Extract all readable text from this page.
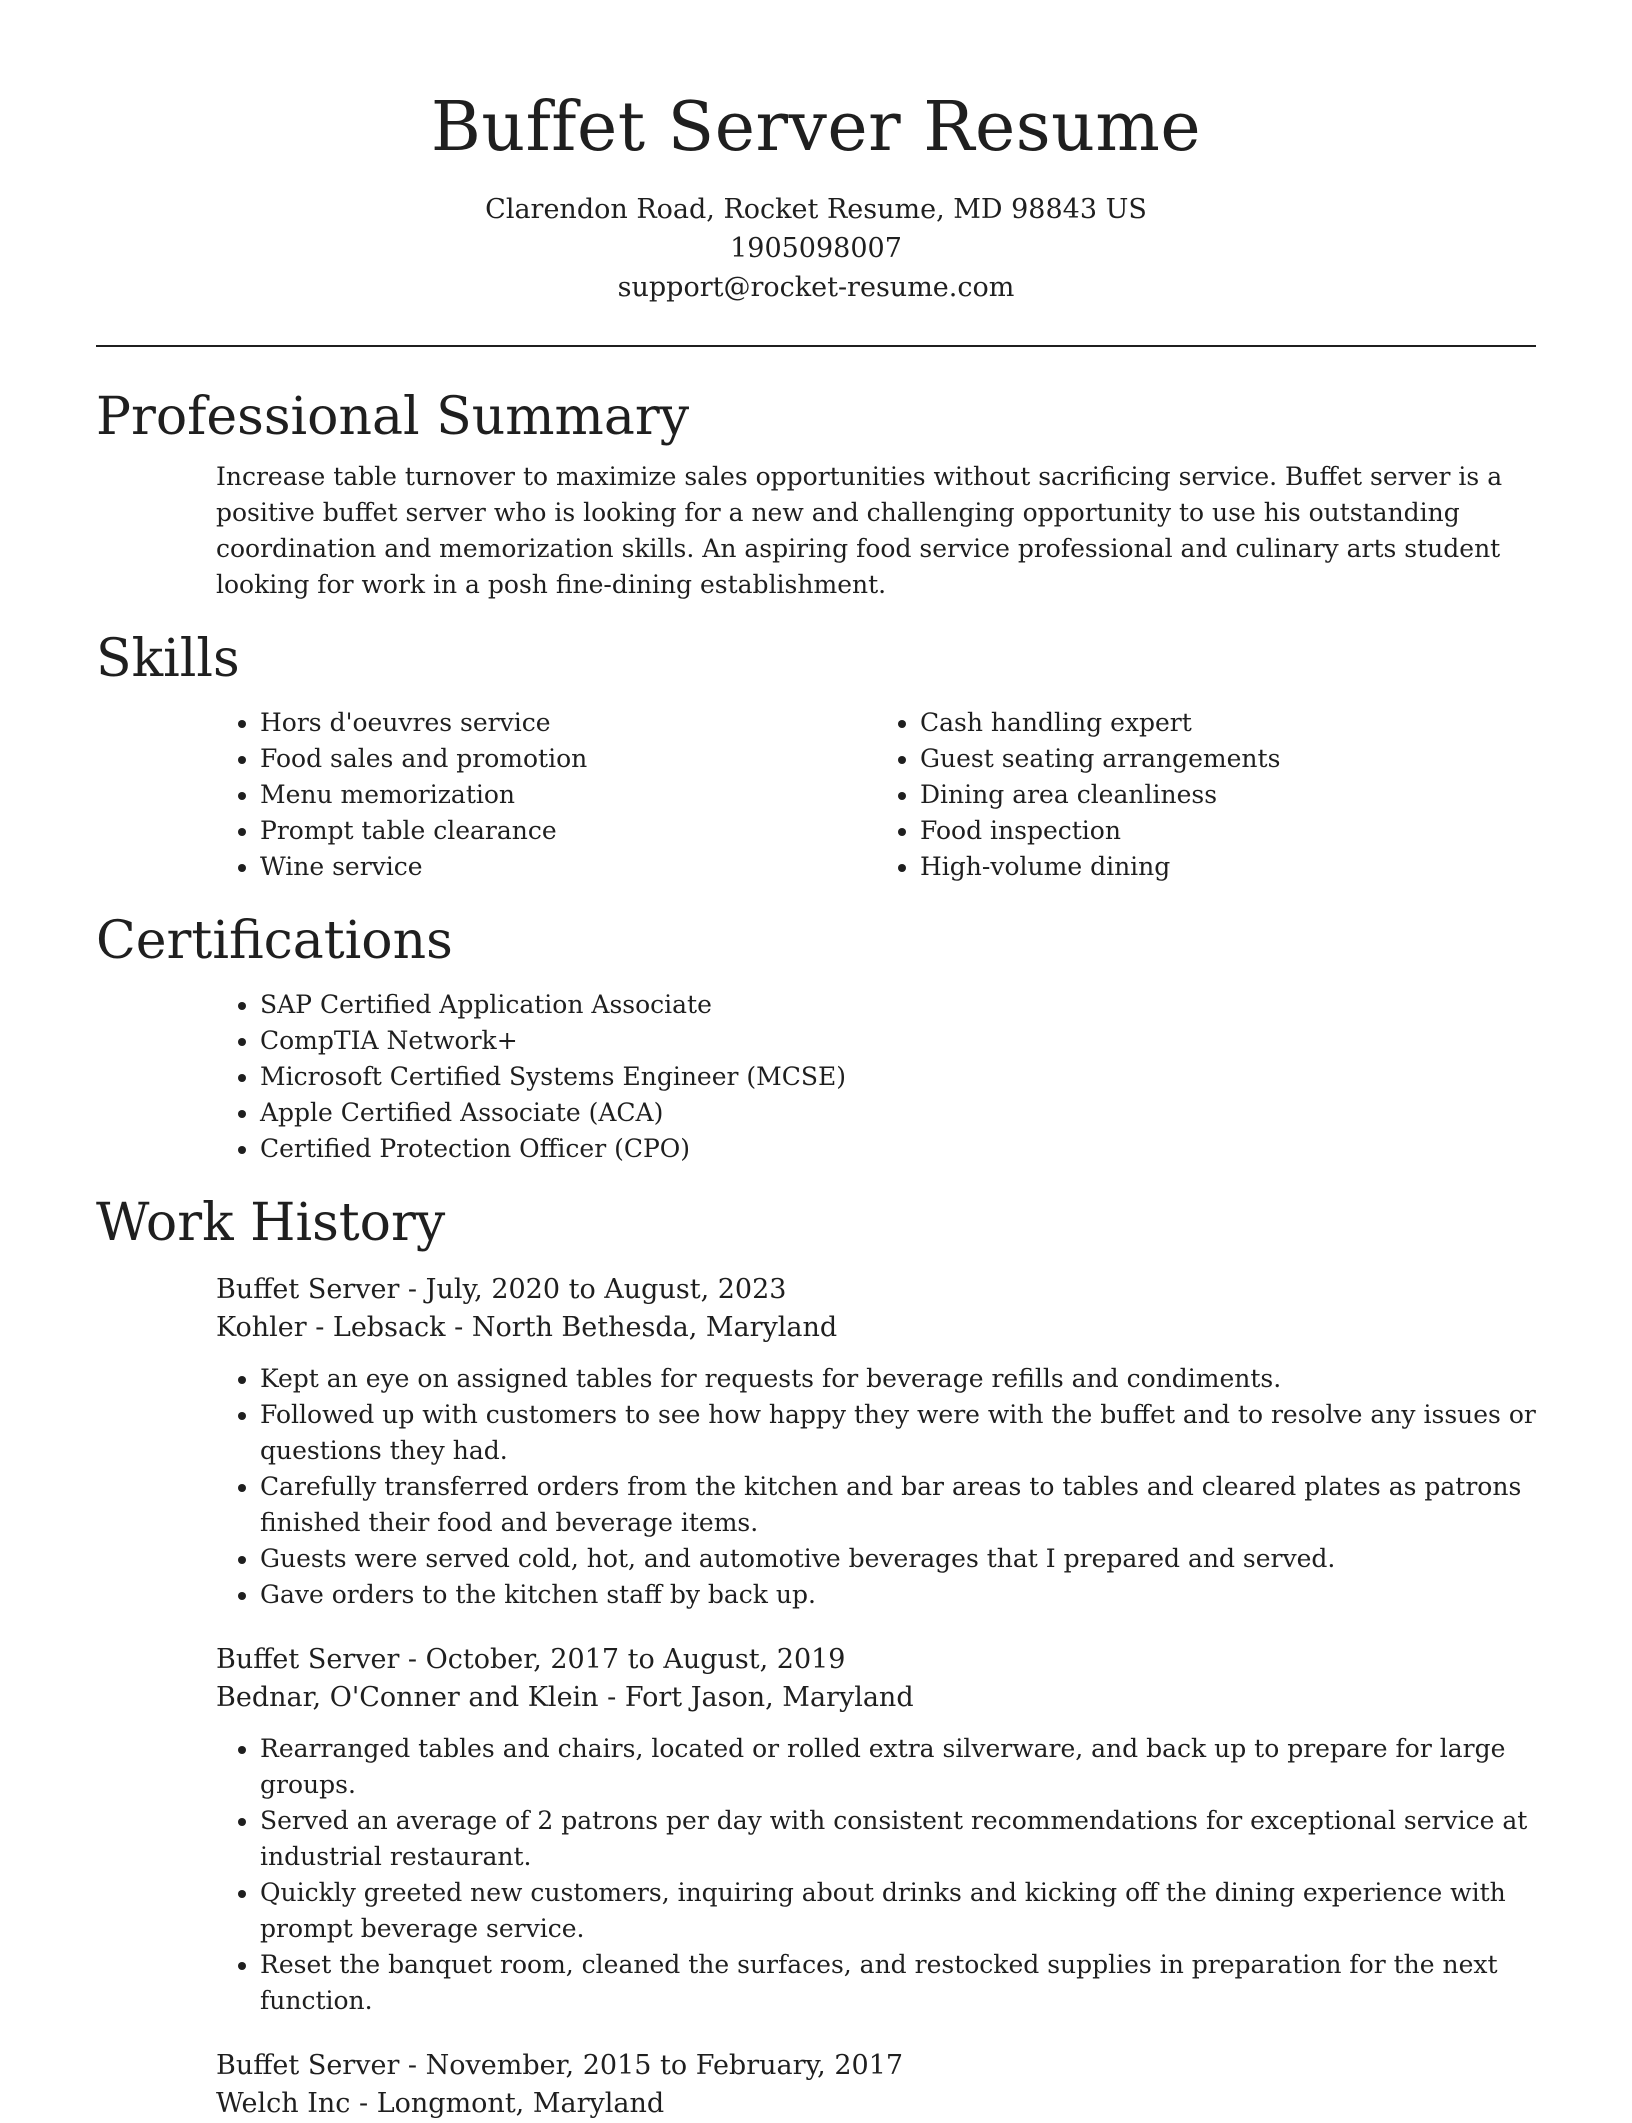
Buffet Server Resume
Clarendon Road, Rocket Resume, MD 98843 US
1905098007
support@rocket-resume.com
Professional Summary

Increase table turnover to maximize sales opportunities without sacrificing service. Buffet server is a positive buffet server who is looking for a new and challenging opportunity to use his outstanding coordination and memorization skills. An aspiring food service professional and culinary arts student looking for work in a posh fine-dining establishment.

Skills
• Hors d'oeuvres service
• Food sales and promotion
• Menu memorization
• Prompt table clearance
• Wine service
• Cash handling expert
• Guest seating arrangements
• Dining area cleanliness
• Food inspection
• High-volume dining
Certifications
• SAP Certified Application Associate
• CompTIA Network+
• Microsoft Certified Systems Engineer (MCSE)
• Apple Certified Associate (ACA)
• Certified Protection Officer (CPO)
Work History
Buffet Server - July, 2020 to August, 2023
Kohler - Lebsack - North Bethesda, Maryland
• Kept an eye on assigned tables for requests for beverage refills and condiments.
• Followed up with customers to see how happy they were with the buffet and to resolve any issues or questions they had.
• Carefully transferred orders from the kitchen and bar areas to tables and cleared plates as patrons finished their food and beverage items.
• Guests were served cold, hot, and automotive beverages that I prepared and served.
• Gave orders to the kitchen staff by back up.
Buffet Server - October, 2017 to August, 2019
Bednar, O'Conner and Klein - Fort Jason, Maryland
• Rearranged tables and chairs, located or rolled extra silverware, and back up to prepare for large groups.
• Served an average of 2 patrons per day with consistent recommendations for exceptional service at industrial restaurant.
• Quickly greeted new customers, inquiring about drinks and kicking off the dining experience with prompt beverage service.
• Reset the banquet room, cleaned the surfaces, and restocked supplies in preparation for the next function.
Buffet Server - November, 2015 to February, 2017
Welch Inc - Longmont, Maryland
